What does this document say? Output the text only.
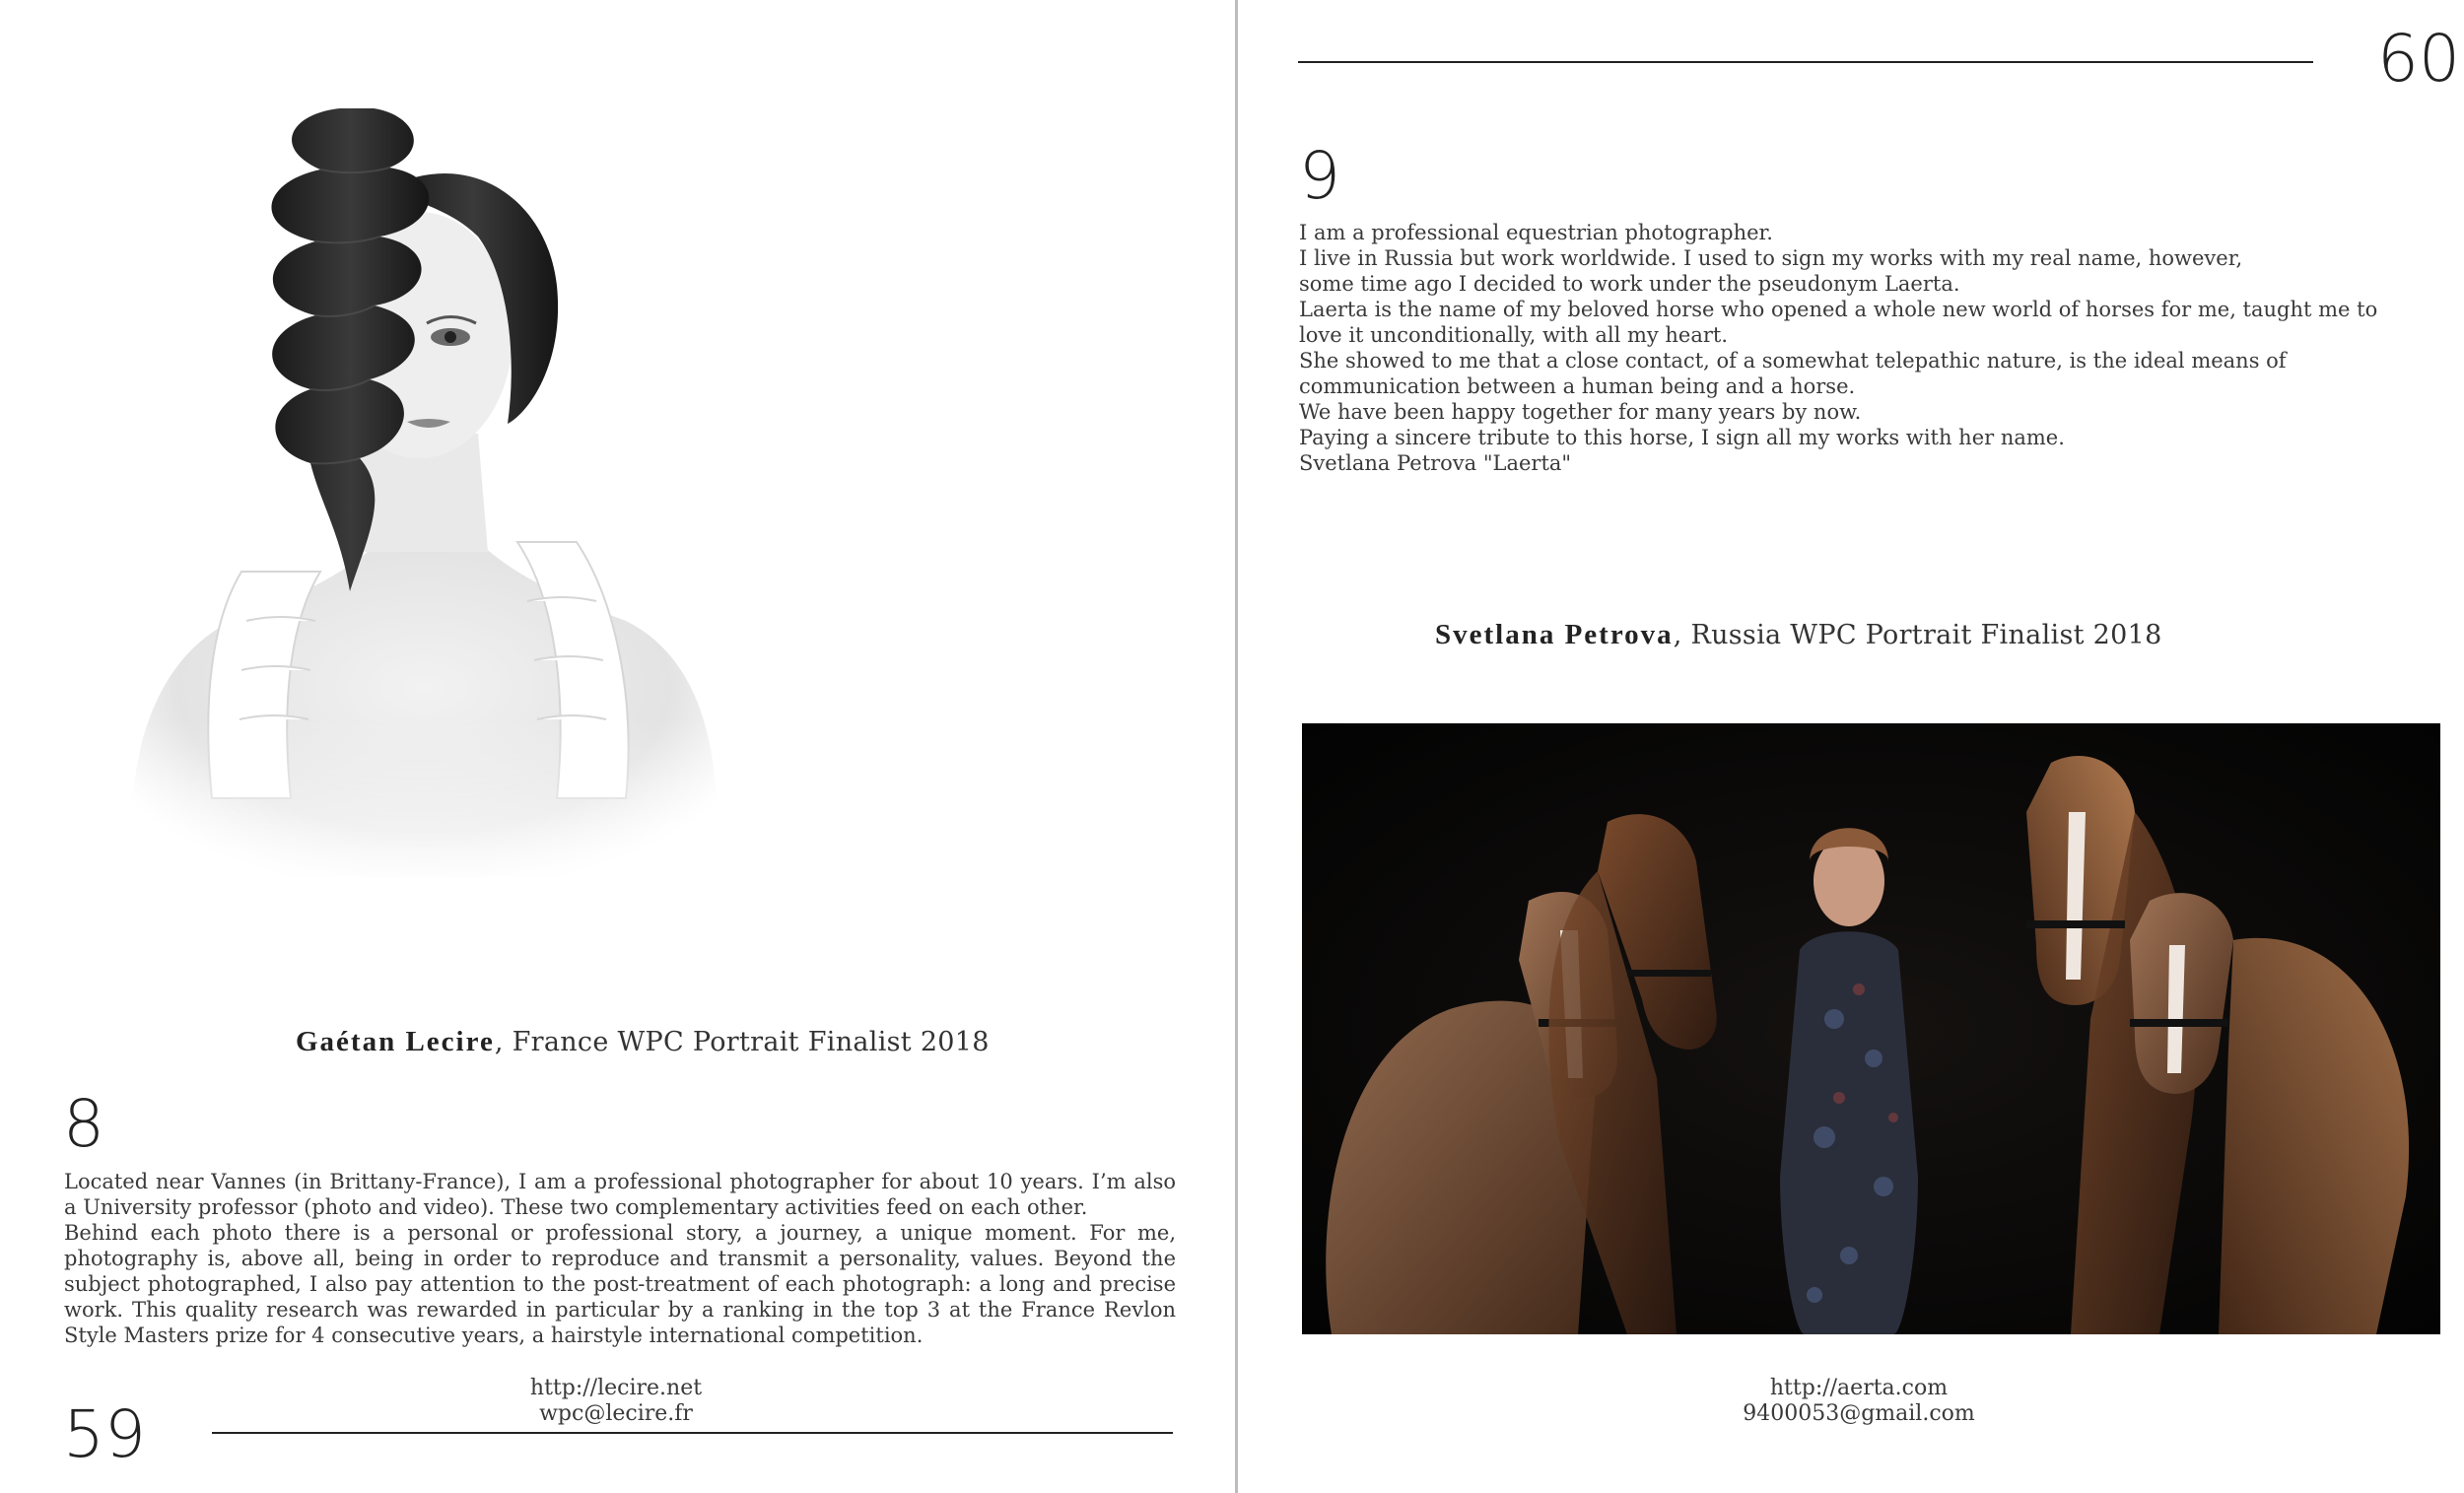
Gaétan Lecire, France WPC Portrait Finalist 2018
8

Located near Vannes (in Brittany-France), I am a professional photographer for about 10 years. I’m also a University professor (photo and video). These two complementary activities feed on each other.

Behind each photo there is a personal or professional story, a journey, a unique moment. For me, photography is, above all, being in order to reproduce and transmit a personality, values. Beyond the subject photographed, I also pay attention to the post-treatment of each photograph: a long and precise work. This quality research was rewarded in particular by a ranking in the top 3 at the France Revlon Style Masters prize for 4 consecutive years, a hairstyle international competition.

http://lecire.net
wpc@lecire.fr
59
60
9

I am a professional equestrian photographer.

I live in Russia but work worldwide. I used to sign my works with my real name, however,

some time ago I decided to work under the pseudonym Laerta.

Laerta is the name of my beloved horse who opened a whole new world of horses for me, taught me to love it unconditionally, with all my heart.

She showed to me that a close contact, of a somewhat telepathic nature, is the ideal means of communication between a human being and a horse.

We have been happy together for many years by now.

Paying a sincere tribute to this horse, I sign all my works with her name.

Svetlana Petrova "Laerta"

Svetlana Petrova, Russia WPC Portrait Finalist 2018
http://aerta.com
9400053@gmail.com
